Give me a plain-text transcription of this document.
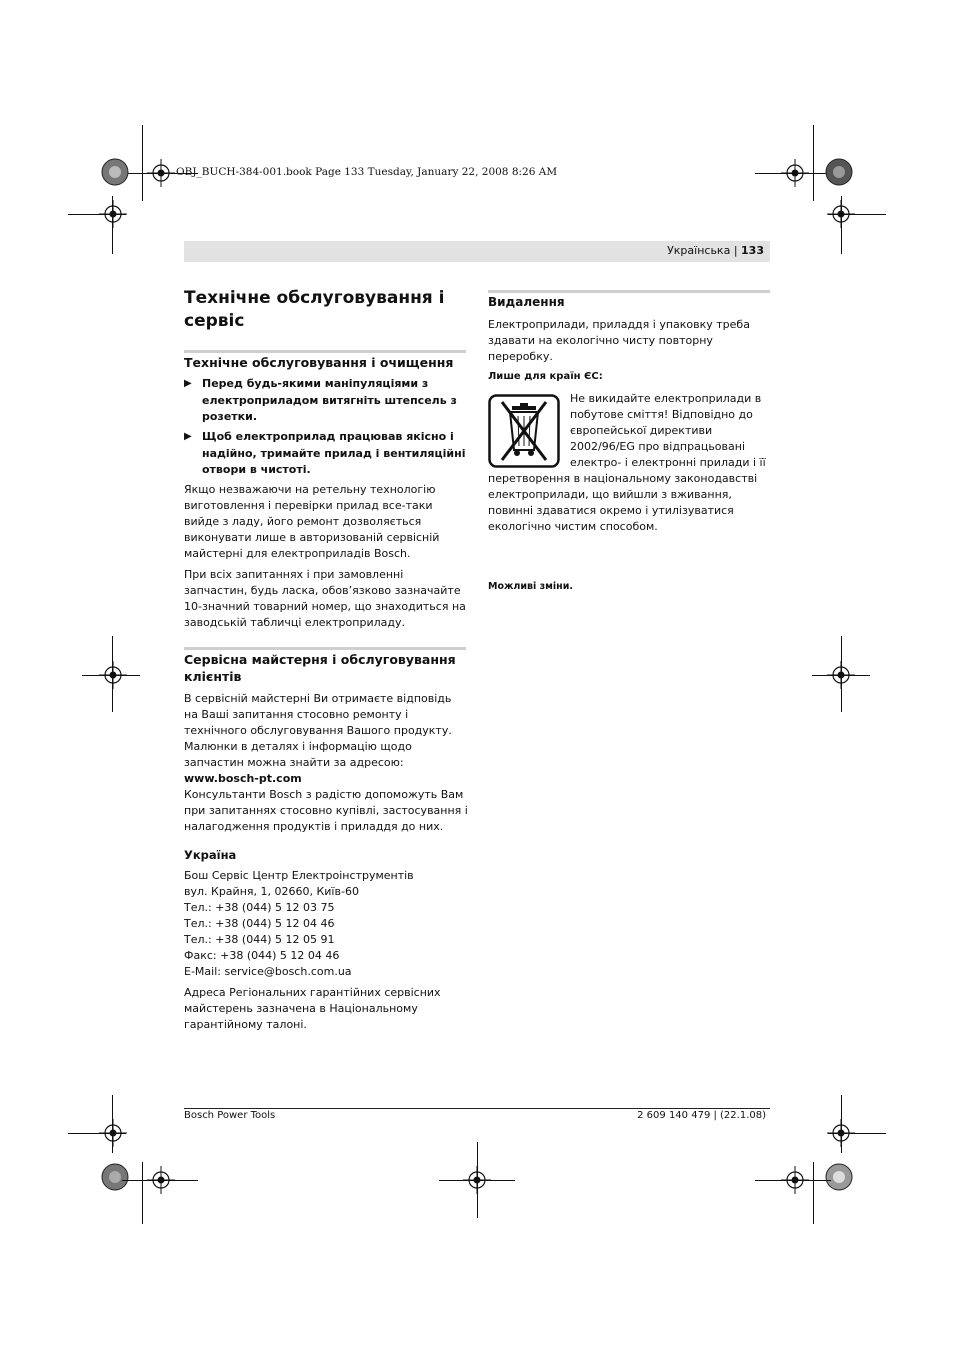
OBJ_BUCH-384-001.book Page 133 Tuesday, January 22, 2008 8:26 AM
Українська | 133
Технічне обслуговування і сервіс
Технічне обслуговування і очищення
▶ Перед будь-якими маніпуляціями з електроприладом витягніть штепсель з розетки.
▶ Щоб електроприлад працював якісно і надійно, тримайте прилад і вентиляційні отвори в чистоті.
Якщо незважаючи на ретельну технологію виготовлення і перевірки прилад все-таки вийде з ладу, його ремонт дозволяється виконувати лише в авторизованій сервісній майстерні для електроприладів Bosch.
При всіх запитаннях і при замовленні запчастин, будь ласка, обов’язково зазначайте 10-значний товарний номер, що знаходиться на заводській табличці електроприладу.
Сервісна майстерня і обслуговування клієнтів
В сервісній майстерні Ви отримаєте відповідь на Ваші запитання стосовно ремонту і технічного обслуговування Вашого продукту. Малюнки в деталях і інформацію щодо запчастин можна знайти за адресою:
www.bosch-pt.com
Консультанти Bosch з радістю допоможуть Вам при запитаннях стосовно купівлі, застосування і налагодження продуктів і приладдя до них.
Україна
Бош Сервіс Центр Електроінструментів
вул. Крайня, 1, 02660, Київ-60
Тел.: +38 (044) 5 12 03 75
Тел.: +38 (044) 5 12 04 46
Тел.: +38 (044) 5 12 05 91
Факс: +38 (044) 5 12 04 46
E-Mail: service@bosch.com.ua
Адреса Регіональних гарантійних сервісних майстерень зазначена в Національному гарантійному талоні.
Видалення
Електроприлади, приладдя і упаковку треба здавати на екологічно чисту повторну переробку.
Лише для країн ЄС:
Не викидайте електроприлади в побутове сміття! Відповідно до європейської директиви 2002/96/EG про відпрацьовані електро- і електронні прилади і її перетворення в національному законодавстві електроприлади, що вийшли з вживання, повинні здаватися окремо і утилізуватися екологічно чистим способом.
Можливі зміни.
Bosch Power Tools	2 609 140 479 | (22.1.08)
